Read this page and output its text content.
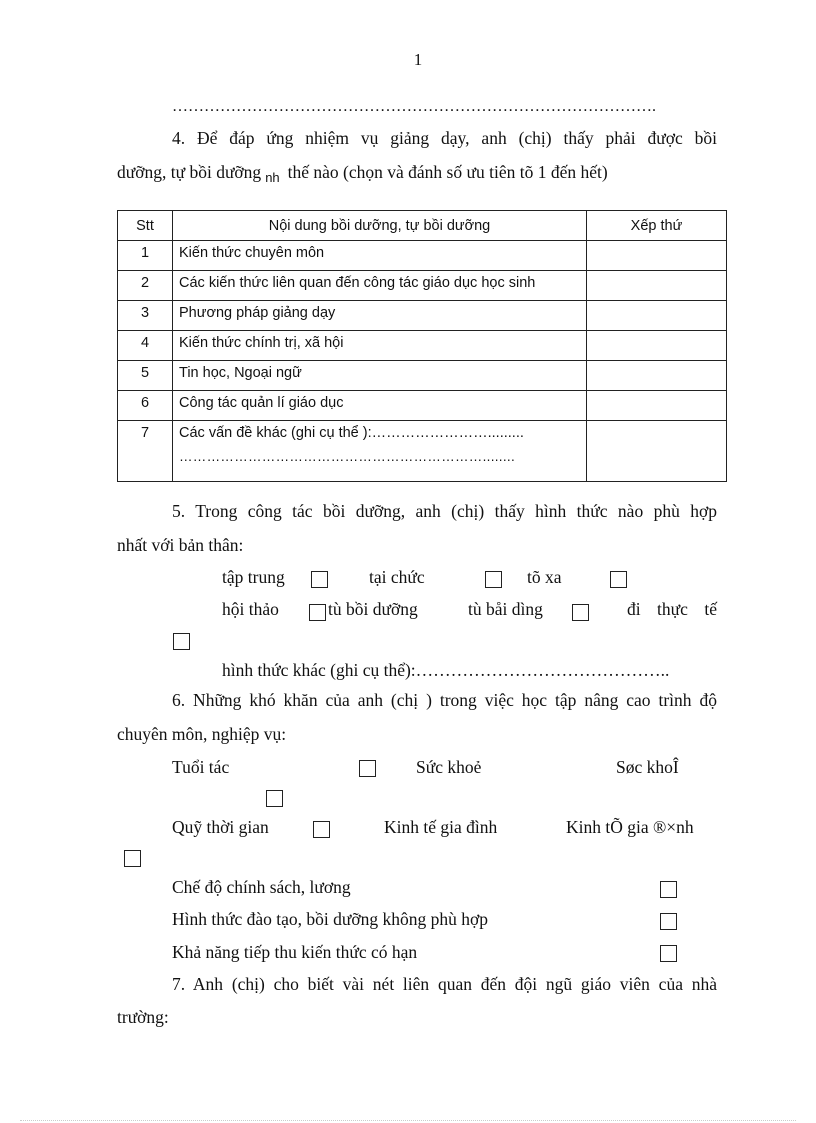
1
……………………………………………………………………………….
4. Để đáp ứng nhiệm vụ giảng dạy, anh (chị) thấy phải được bồi
dưỡng, tự bồi dưỡng $_{nh}$ thế nào (chọn và đánh số ưu tiên tõ 1 đến hết)
Stt	Nội dung bồi dưỡng, tự bồi dưỡng	Xếp thứ
1	Kiến thức chuyên môn	
2	Các kiến thức liên quan đến công tác giáo dục học sinh	
3	Phương pháp giảng dạy	
4	Kiến thức chính trị, xã hội	
5	Tin học, Ngoại ngữ	
6	Công tác quản lí giáo dục	
7	Các vấn đề khác (ghi cụ thể ):…………………….........
…………………………………………………………........	

5. Trong công tác bồi dưỡng, anh (chị) thấy hình thức nào phù hợp
nhất với bản thân:
tập trung	tại chức	tõ xa
hội thảo	tù bồi dưỡng	tù båi dìng	đi thực tế
hình thức khác (ghi cụ thể):……………………………………..
6. Những khó khăn của anh (chị ) trong việc học tập nâng cao trình độ
chuyên môn, nghiệp vụ:
Tuổi tác	Sức khoẻ	Søc khoÎ
Quỹ thời gian	Kinh tế gia đình	Kinh tÕ gia ®×nh
Chế độ chính sách, lương
Hình thức đào tạo, bồi dưỡng không phù hợp
Khả năng tiếp thu kiến thức có hạn
7. Anh (chị) cho biết vài nét liên quan đến đội ngũ giáo viên của nhà
trường:
